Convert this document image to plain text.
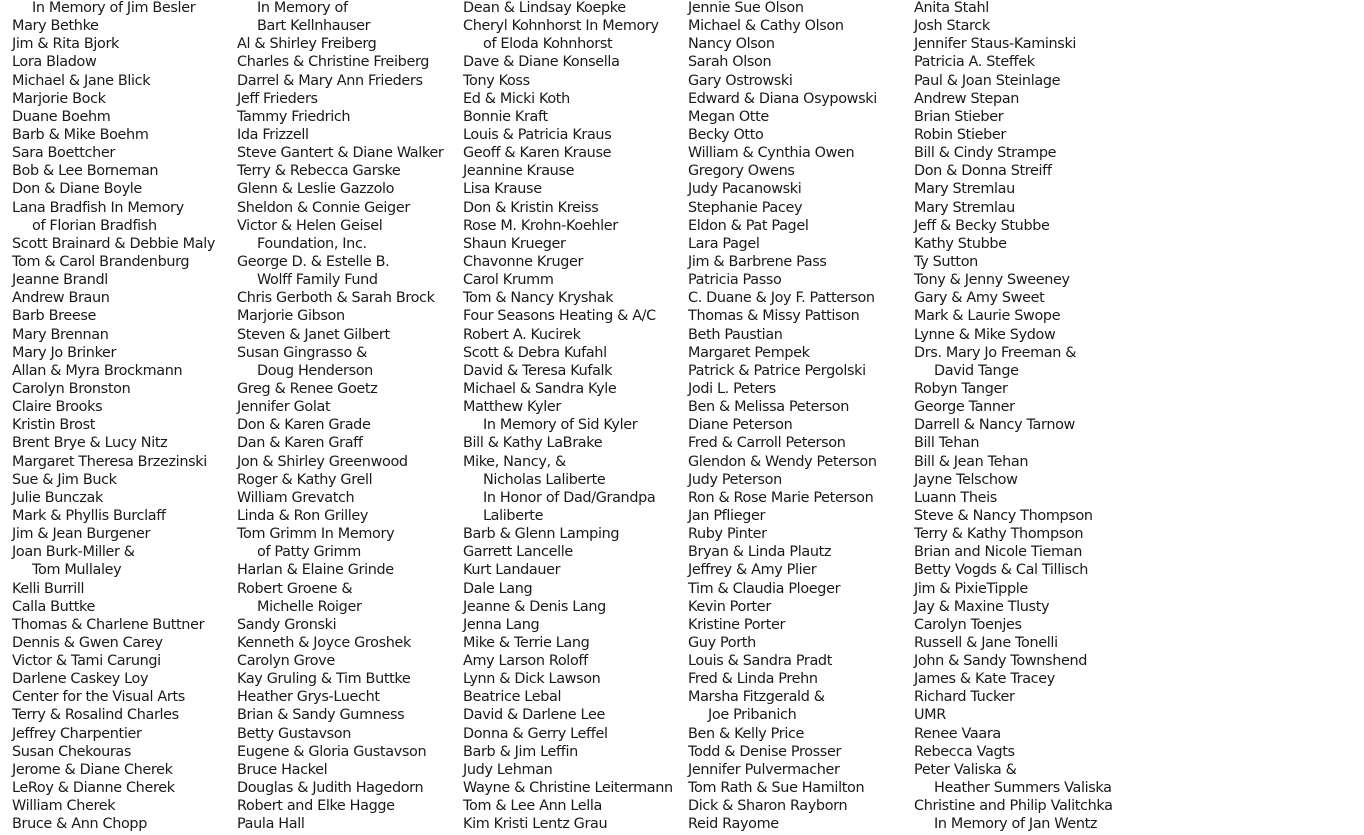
In Memory of Jim Besler
Mary Bethke
Jim & Rita Bjork
Lora Bladow
Michael & Jane Blick
Marjorie Bock
Duane Boehm
Barb & Mike Boehm
Sara Boettcher
Bob & Lee Borneman
Don & Diane Boyle
Lana Bradfish In Memory
of Florian Bradfish
Scott Brainard & Debbie Maly
Tom & Carol Brandenburg
Jeanne Brandl
Andrew Braun
Barb Breese
Mary Brennan
Mary Jo Brinker
Allan & Myra Brockmann
Carolyn Bronston
Claire Brooks
Kristin Brost
Brent Brye & Lucy Nitz
Margaret Theresa Brzezinski
Sue & Jim Buck
Julie Bunczak
Mark & Phyllis Burclaff
Jim & Jean Burgener
Joan Burk-Miller &
Tom Mullaley
Kelli Burrill
Calla Buttke
Thomas & Charlene Buttner
Dennis & Gwen Carey
Victor & Tami Carungi
Darlene Caskey Loy
Center for the Visual Arts
Terry & Rosalind Charles
Jeffrey Charpentier
Susan Chekouras
Jerome & Diane Cherek
LeRoy & Dianne Cherek
William Cherek
Bruce & Ann Chopp
In Memory of
Bart Kellnhauser
Al & Shirley Freiberg
Charles & Christine Freiberg
Darrel & Mary Ann Frieders
Jeff Frieders
Tammy Friedrich
Ida Frizzell
Steve Gantert & Diane Walker
Terry & Rebecca Garske
Glenn & Leslie Gazzolo
Sheldon & Connie Geiger
Victor & Helen Geisel
Foundation, Inc.
George D. & Estelle B.
Wolff Family Fund
Chris Gerboth & Sarah Brock
Marjorie Gibson
Steven & Janet Gilbert
Susan Gingrasso &
Doug Henderson
Greg & Renee Goetz
Jennifer Golat
Don & Karen Grade
Dan & Karen Graff
Jon & Shirley Greenwood
Roger & Kathy Grell
William Grevatch
Linda & Ron Grilley
Tom Grimm In Memory
of Patty Grimm
Harlan & Elaine Grinde
Robert Groene &
Michelle Roiger
Sandy Gronski
Kenneth & Joyce Groshek
Carolyn Grove
Kay Gruling & Tim Buttke
Heather Grys-Luecht
Brian & Sandy Gumness
Betty Gustavson
Eugene & Gloria Gustavson
Bruce Hackel
Douglas & Judith Hagedorn
Robert and Elke Hagge
Paula Hall
Dean & Lindsay Koepke
Cheryl Kohnhorst In Memory
of Eloda Kohnhorst
Dave & Diane Konsella
Tony Koss
Ed & Micki Koth
Bonnie Kraft
Louis & Patricia Kraus
Geoff & Karen Krause
Jeannine Krause
Lisa Krause
Don & Kristin Kreiss
Rose M. Krohn-Koehler
Shaun Krueger
Chavonne Kruger
Carol Krumm
Tom & Nancy Kryshak
Four Seasons Heating & A/C
Robert A. Kucirek
Scott & Debra Kufahl
David & Teresa Kufalk
Michael & Sandra Kyle
Matthew Kyler
In Memory of Sid Kyler
Bill & Kathy LaBrake
Mike, Nancy, &
Nicholas Laliberte
In Honor of Dad/Grandpa
Laliberte
Barb & Glenn Lamping
Garrett Lancelle
Kurt Landauer
Dale Lang
Jeanne & Denis Lang
Jenna Lang
Mike & Terrie Lang
Amy Larson Roloff
Lynn & Dick Lawson
Beatrice Lebal
David & Darlene Lee
Donna & Gerry Leffel
Barb & Jim Leffin
Judy Lehman
Wayne & Christine Leitermann
Tom & Lee Ann Lella
Kim Kristi Lentz Grau
Jennie Sue Olson
Michael & Cathy Olson
Nancy Olson
Sarah Olson
Gary Ostrowski
Edward & Diana Osypowski
Megan Otte
Becky Otto
William & Cynthia Owen
Gregory Owens
Judy Pacanowski
Stephanie Pacey
Eldon & Pat Pagel
Lara Pagel
Jim & Barbrene Pass
Patricia Passo
C. Duane & Joy F. Patterson
Thomas & Missy Pattison
Beth Paustian
Margaret Pempek
Patrick & Patrice Pergolski
Jodi L. Peters
Ben & Melissa Peterson
Diane Peterson
Fred & Carroll Peterson
Glendon & Wendy Peterson
Judy Peterson
Ron & Rose Marie Peterson
Jan Pflieger
Ruby Pinter
Bryan & Linda Plautz
Jeffrey & Amy Plier
Tim & Claudia Ploeger
Kevin Porter
Kristine Porter
Guy Porth
Louis & Sandra Pradt
Fred & Linda Prehn
Marsha Fitzgerald &
Joe Pribanich
Ben & Kelly Price
Todd & Denise Prosser
Jennifer Pulvermacher
Tom Rath & Sue Hamilton
Dick & Sharon Rayborn
Reid Rayome
Anita Stahl
Josh Starck
Jennifer Staus-Kaminski
Patricia A. Steffek
Paul & Joan Steinlage
Andrew Stepan
Brian Stieber
Robin Stieber
Bill & Cindy Strampe
Don & Donna Streiff
Mary Stremlau
Mary Stremlau
Jeff & Becky Stubbe
Kathy Stubbe
Ty Sutton
Tony & Jenny Sweeney
Gary & Amy Sweet
Mark & Laurie Swope
Lynne & Mike Sydow
Drs. Mary Jo Freeman &
David Tange
Robyn Tanger
George Tanner
Darrell & Nancy Tarnow
Bill Tehan
Bill & Jean Tehan
Jayne Telschow
Luann Theis
Steve & Nancy Thompson
Terry & Kathy Thompson
Brian and Nicole Tieman
Betty Vogds & Cal Tillisch
Jim & PixieTipple
Jay & Maxine Tlusty
Carolyn Toenjes
Russell & Jane Tonelli
John & Sandy Townshend
James & Kate Tracey
Richard Tucker
UMR
Renee Vaara
Rebecca Vagts
Peter Valiska &
Heather Summers Valiska
Christine and Philip Valitchka
In Memory of Jan Wentz
